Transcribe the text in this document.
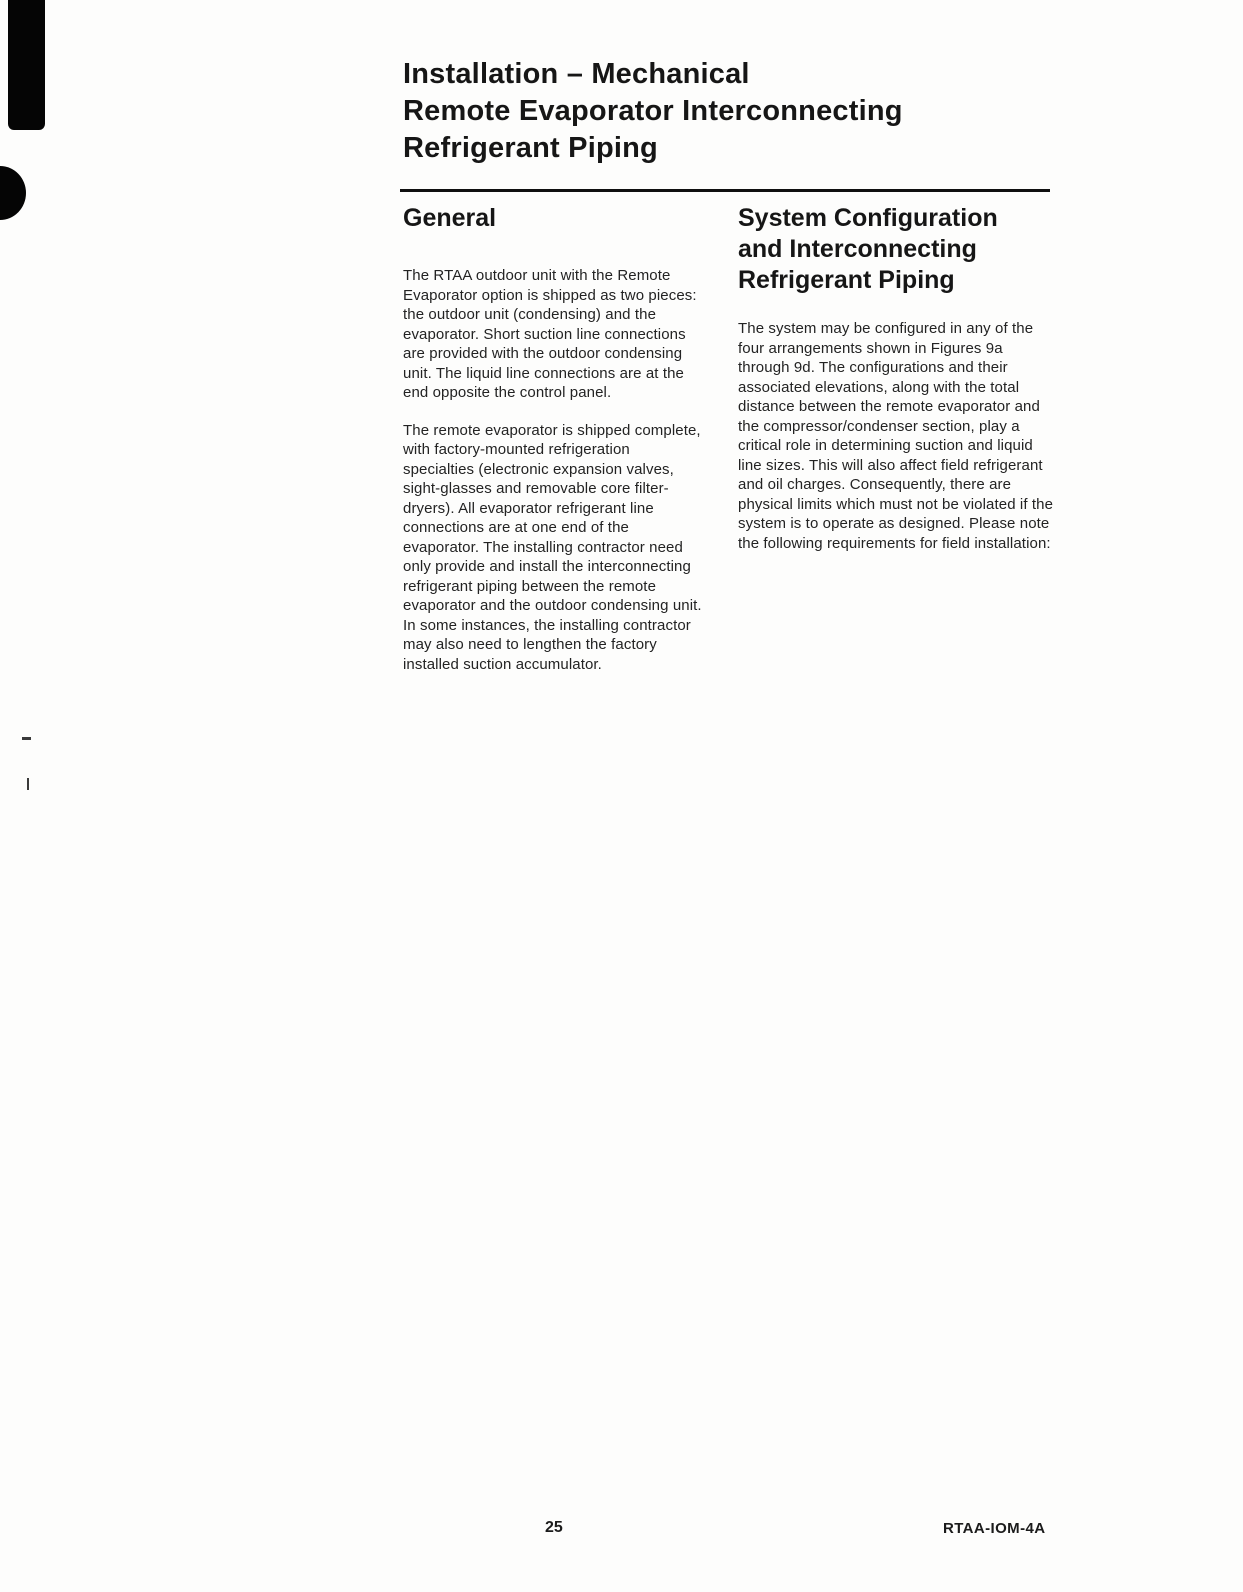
Installation – Mechanical
Remote Evaporator Interconnecting
Refrigerant Piping
General

The RTAA outdoor unit with the Remote Evaporator option is shipped as two pieces: the outdoor unit (condensing) and the evaporator. Short suction line connections are provided with the outdoor condensing unit. The liquid line connections are at the end opposite the control panel.

The remote evaporator is shipped complete, with factory-mounted refrigeration specialties (electronic expansion valves, sight-glasses and removable core filter-dryers). All evaporator refrigerant line connections are at one end of the evaporator. The installing contractor need only provide and install the interconnecting refrigerant piping between the remote evaporator and the outdoor condensing unit. In some instances, the installing contractor may also need to lengthen the factory installed suction accumulator.

System Configuration
and Interconnecting
Refrigerant Piping

The system may be configured in any of the four arrangements shown in Figures 9a through 9d. The configurations and their associated elevations, along with the total distance between the remote evaporator and the compressor/condenser section, play a critical role in determining suction and liquid line sizes. This will also affect field refrigerant and oil charges. Consequently, there are physical limits which must not be violated if the system is to operate as designed. Please note the following requirements for field installation:

25	RTAA-IOM-4A
